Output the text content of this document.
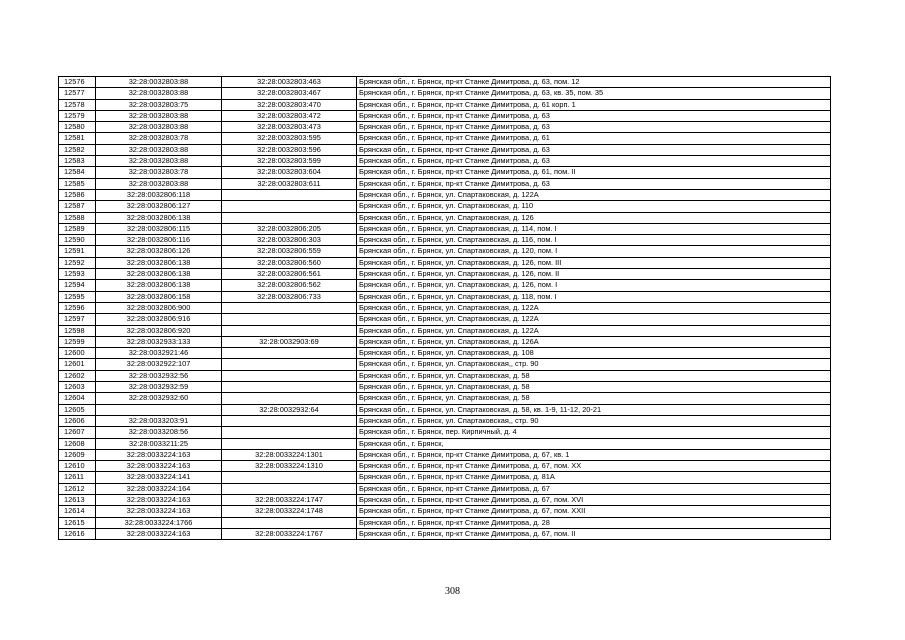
12576	32:28:0032803:88	32:28:0032803:463	Брянская обл., г. Брянск, пр-кт Станке Димитрова, д. 63, пом. 12
12577	32:28:0032803:88	32:28:0032803:467	Брянская обл., г. Брянск, пр-кт Станке Димитрова, д. 63, кв. 35, пом. 35
12578	32:28:0032803:75	32:28:0032803:470	Брянская обл., г. Брянск, пр-кт Станке Димитрова, д. 61 корп. 1
12579	32:28:0032803:88	32:28:0032803:472	Брянская обл., г. Брянск, пр-кт Станке Димитрова, д. 63
12580	32:28:0032803:88	32:28:0032803:473	Брянская обл., г. Брянск, пр-кт Станке Димитрова, д. 63
12581	32:28:0032803:78	32:28:0032803:595	Брянская обл., г. Брянск, пр-кт Станке Димитрова, д. 61
12582	32:28:0032803:88	32:28:0032803:596	Брянская обл., г. Брянск, пр-кт Станке Димитрова, д. 63
12583	32:28:0032803:88	32:28:0032803:599	Брянская обл., г. Брянск, пр-кт Станке Димитрова, д. 63
12584	32:28:0032803:78	32:28:0032803:604	Брянская обл., г. Брянск, пр-кт Станке Димитрова, д. 61, пом. II
12585	32:28:0032803:88	32:28:0032803:611	Брянская обл., г. Брянск, пр-кт Станке Димитрова, д. 63
12586	32:28:0032806:118		Брянская обл., г. Брянск, ул. Спартаковская, д. 122А
12587	32:28:0032806:127		Брянская обл., г. Брянск, ул. Спартаковская, д. 110
12588	32:28:0032806:138		Брянская обл., г. Брянск, ул. Спартаковская, д. 126
12589	32:28:0032806:115	32:28:0032806:205	Брянская обл., г. Брянск, ул. Спартаковская, д. 114, пом. I
12590	32:28:0032806:116	32:28:0032806:303	Брянская обл., г. Брянск, ул. Спартаковская, д. 116, пом. I
12591	32:28:0032806:126	32:28:0032806:559	Брянская обл., г. Брянск, ул. Спартаковская, д. 120, пом. I
12592	32:28:0032806:138	32:28:0032806:560	Брянская обл., г. Брянск, ул. Спартаковская, д. 126, пом. III
12593	32:28:0032806:138	32:28:0032806:561	Брянская обл., г. Брянск, ул. Спартаковская, д. 126, пом. II
12594	32:28:0032806:138	32:28:0032806:562	Брянская обл., г. Брянск, ул. Спартаковская, д. 126, пом. I
12595	32:28:0032806:158	32:28:0032806:733	Брянская обл., г. Брянск, ул. Спартаковская, д. 118, пом. I
12596	32:28:0032806:900		Брянская обл., г. Брянск, ул. Спартаковская, д. 122А
12597	32:28:0032806:916		Брянская обл., г. Брянск, ул. Спартаковская, д. 122А
12598	32:28:0032806:920		Брянская обл., г. Брянск, ул. Спартаковская, д. 122А
12599	32:28:0032933:133	32:28:0032903:69	Брянская обл., г. Брянск, ул. Спартаковская, д. 126А
12600	32:28:0032921:46		Брянская обл., г. Брянск, ул. Спартаковская, д. 108
12601	32:28:0032922:107		Брянская обл., г. Брянск, ул. Спартаковская,, стр. 90
12602	32:28:0032932:56		Брянская обл., г. Брянск, ул. Спартаковская, д. 58
12603	32:28:0032932:59		Брянская обл., г. Брянск, ул. Спартаковская, д. 58
12604	32:28:0032932:60		Брянская обл., г. Брянск, ул. Спартаковская, д. 58
12605		32:28:0032932:64	Брянская обл., г. Брянск, ул. Спартаковская, д. 58, кв. 1-9, 11-12, 20-21
12606	32:28:0033203:91		Брянская обл., г. Брянск, ул. Спартаковская,, стр. 90
12607	32:28:0033208:56		Брянская обл., г. Брянск, пер. Кирпичный, д. 4
12608	32:28:0033211:25		Брянская обл., г. Брянск,
12609	32:28:0033224:163	32:28:0033224:1301	Брянская обл., г. Брянск, пр-кт Станке Димитрова, д. 67, кв. 1
12610	32:28:0033224:163	32:28:0033224:1310	Брянская обл., г. Брянск, пр-кт Станке Димитрова, д. 67, пом. XX
12611	32:28:0033224:141		Брянская обл., г. Брянск, пр-кт Станке Димитрова, д. 81А
12612	32:28:0033224:164		Брянская обл., г. Брянск, пр-кт Станке Димитрова, д. 67
12613	32:28:0033224:163	32:28:0033224:1747	Брянская обл., г. Брянск, пр-кт Станке Димитрова, д. 67, пом. XVI
12614	32:28:0033224:163	32:28:0033224:1748	Брянская обл., г. Брянск, пр-кт Станке Димитрова, д. 67, пом. XXII
12615	32:28:0033224:1766		Брянская обл., г. Брянск, пр-кт Станке Димитрова, д. 28
12616	32:28:0033224:163	32:28:0033224:1767	Брянская обл., г. Брянск, пр-кт Станке Димитрова, д. 67, пом. II
308
